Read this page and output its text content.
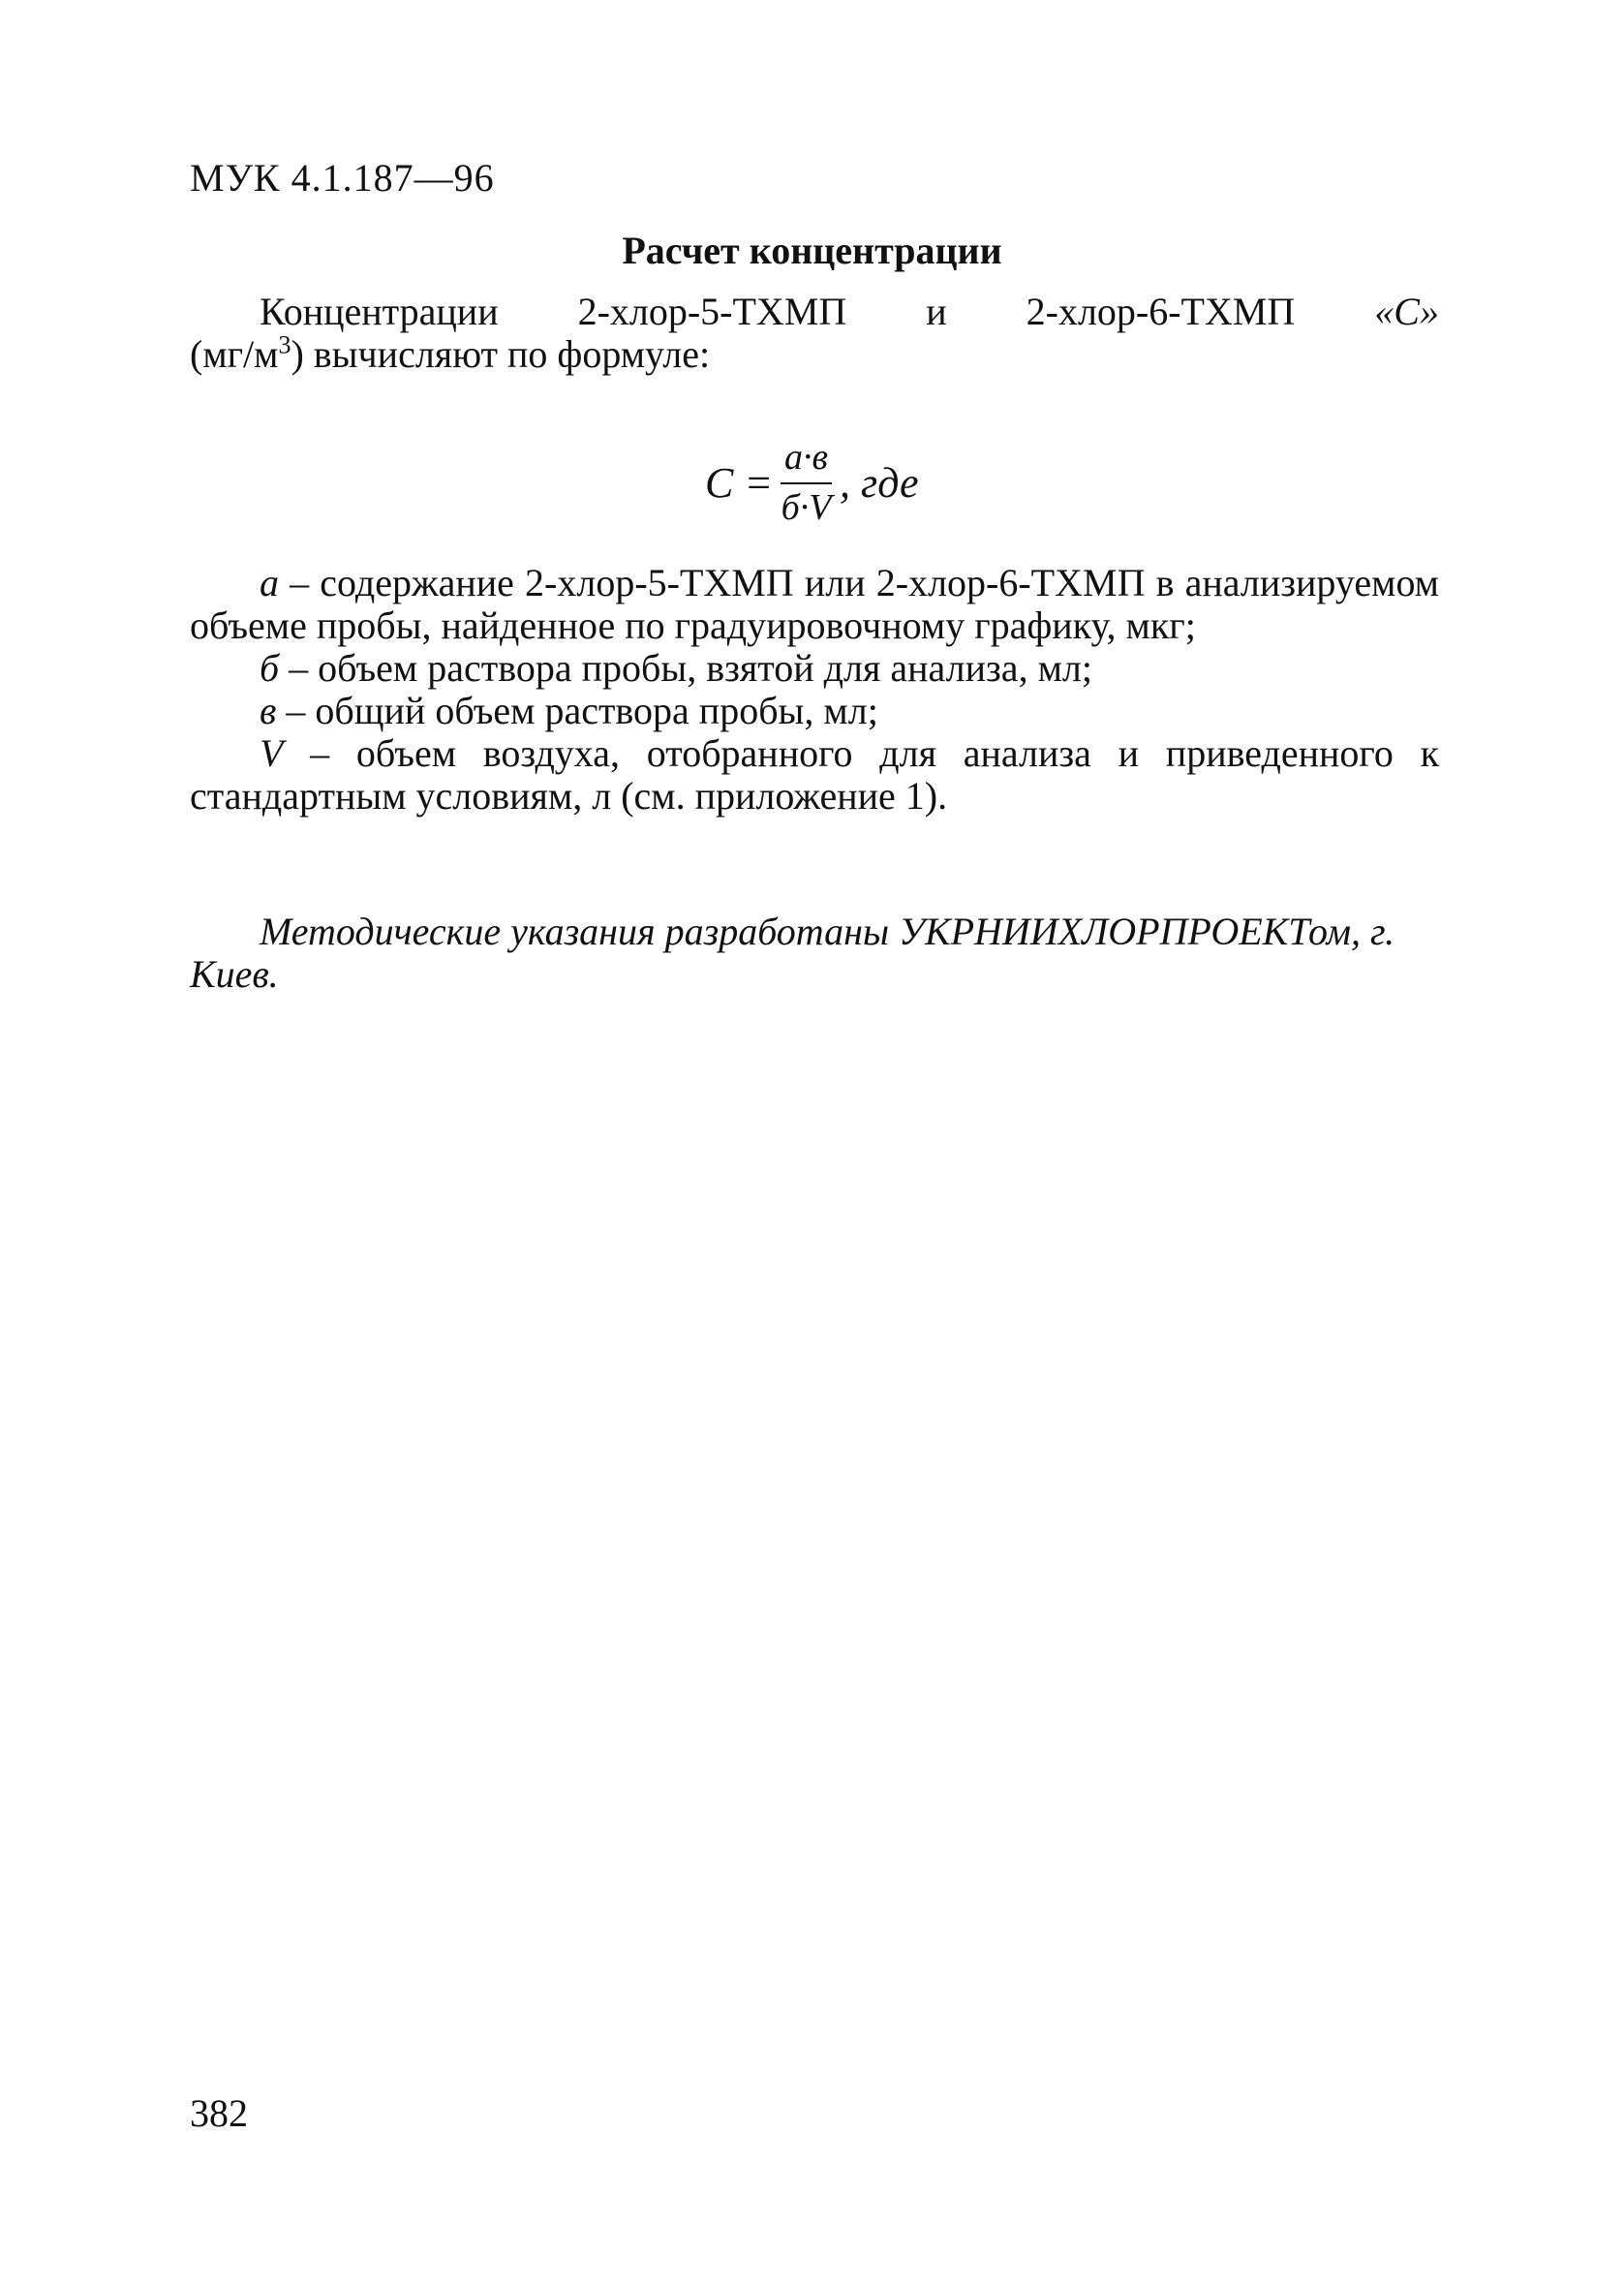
МУК 4.1.187—96
Расчет концентрации
Концентрации 2-хлор-5-ТХМП и 2-хлор-6-ТХМП «С»
$(мг/м^3)$ вычисляют по формуле:
$С = \frac{а\cdot в}{б\cdot V}$ , где

а – содержание 2-хлор-5-ТХМП или 2-хлор-6-ТХМП в анализируемом объеме пробы, найденное по градуировочному графику, мкг;

б – объем раствора пробы, взятой для анализа, мл;

в – общий объем раствора пробы, мл;

V – объем воздуха, отобранного для анализа и приведенного к стандартным условиям, л (см. приложение 1).

Методические указания разработаны УКРНИИХЛОРПРОЕКТом, г. Киев.

382
